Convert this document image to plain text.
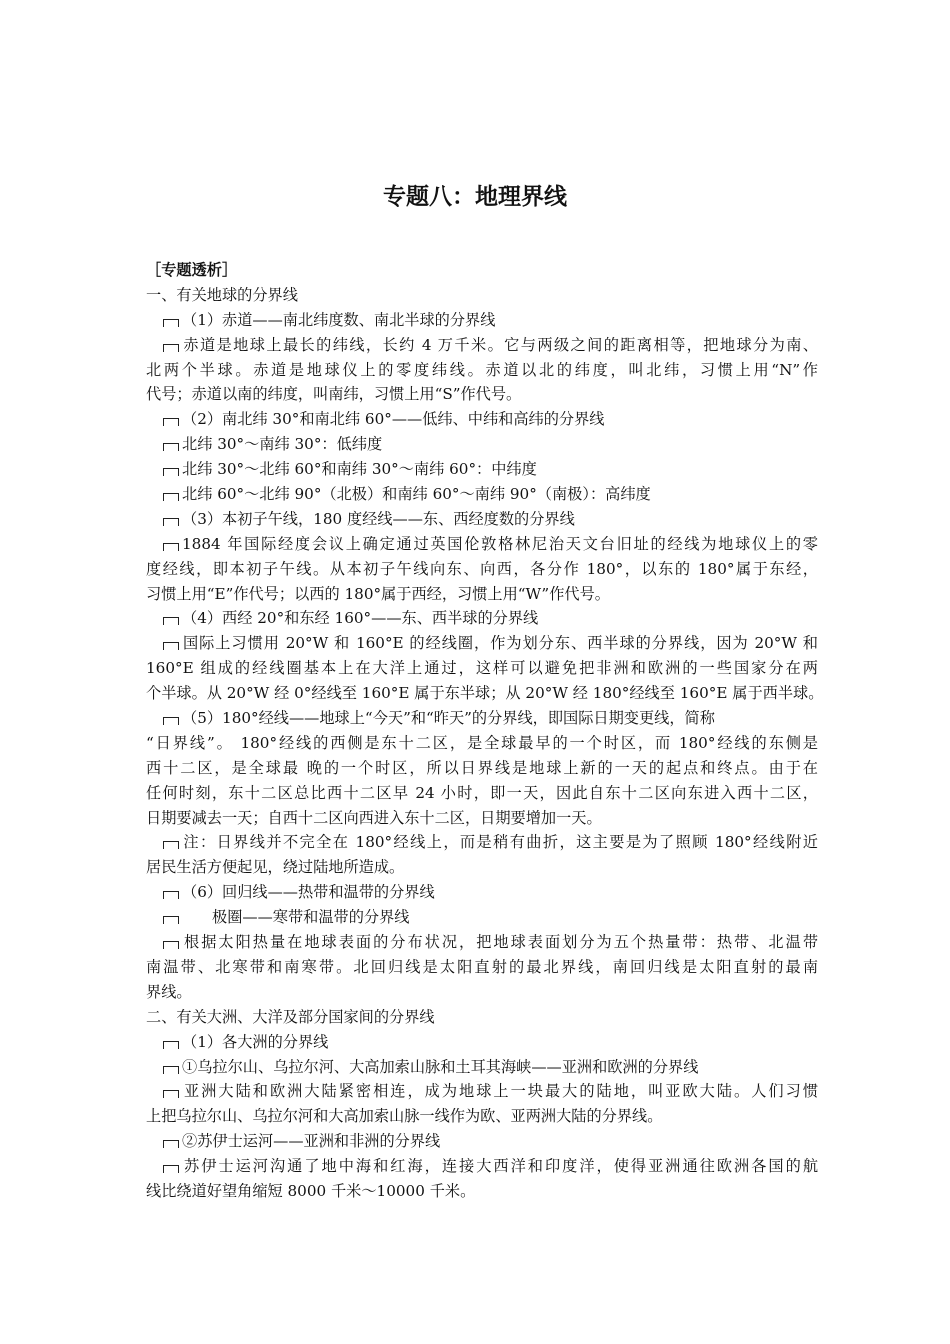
专题八：地理界线
［专题透析］
一、有关地球的分界线
（1）赤道——南北纬度数、南北半球的分界线
赤道是地球上最长的纬线，长约 4 万千米。它与两级之间的距离相等，把地球分为南、
北两个半球。赤道是地球仪上的零度纬线。赤道以北的纬度，叫北纬，习惯上用“N”作
代号；赤道以南的纬度，叫南纬，习惯上用“S”作代号。
（2）南北纬 30°和南北纬 60°——低纬、中纬和高纬的分界线
北纬 30°～南纬 30°：低纬度
北纬 30°～北纬 60°和南纬 30°～南纬 60°：中纬度
北纬 60°～北纬 90°（北极）和南纬 60°～南纬 90°（南极）：高纬度
（3）本初子午线，180 度经线——东、西经度数的分界线
1884 年国际经度会议上确定通过英国伦敦格林尼治天文台旧址的经线为地球仪上的零
度经线，即本初子午线。从本初子午线向东、向西，各分作 180°，以东的 180°属于东经，
习惯上用“E”作代号；以西的 180°属于西经，习惯上用“W”作代号。
（4）西经 20°和东经 160°——东、西半球的分界线
国际上习惯用 20°W 和 160°E 的经线圈，作为划分东、西半球的分界线，因为 20°W 和
160°E 组成的经线圈基本上在大洋上通过，这样可以避免把非洲和欧洲的一些国家分在两
个半球。从 20°W 经 0°经线至 160°E 属于东半球；从 20°W 经 180°经线至 160°E 属于西半球。
（5）180°经线——地球上“今天”和“昨天”的分界线，即国际日期变更线，简称
“日界线”。 180°经线的西侧是东十二区，是全球最早的一个时区，而 180°经线的东侧是
西十二区，是全球最 晚的一个时区，所以日界线是地球上新的一天的起点和终点。由于在
任何时刻，东十二区总比西十二区早 24 小时，即一天，因此自东十二区向东进入西十二区，
日期要减去一天；自西十二区向西进入东十二区，日期要增加一天。
注：日界线并不完全在 180°经线上，而是稍有曲折，这主要是为了照顾 180°经线附近
居民生活方便起见，绕过陆地所造成。
（6）回归线——热带和温带的分界线
极圈——寒带和温带的分界线
根据太阳热量在地球表面的分布状况，把地球表面划分为五个热量带：热带、北温带
南温带、北寒带和南寒带。北回归线是太阳直射的最北界线，南回归线是太阳直射的最南
界线。
二、有关大洲、大洋及部分国家间的分界线
（1）各大洲的分界线
①乌拉尔山、乌拉尔河、大高加索山脉和土耳其海峡——亚洲和欧洲的分界线
亚洲大陆和欧洲大陆紧密相连，成为地球上一块最大的陆地，叫亚欧大陆。人们习惯
上把乌拉尔山、乌拉尔河和大高加索山脉一线作为欧、亚两洲大陆的分界线。
②苏伊士运河——亚洲和非洲的分界线
苏伊士运河沟通了地中海和红海，连接大西洋和印度洋，使得亚洲通往欧洲各国的航
线比绕道好望角缩短 8000 千米～10000 千米。
